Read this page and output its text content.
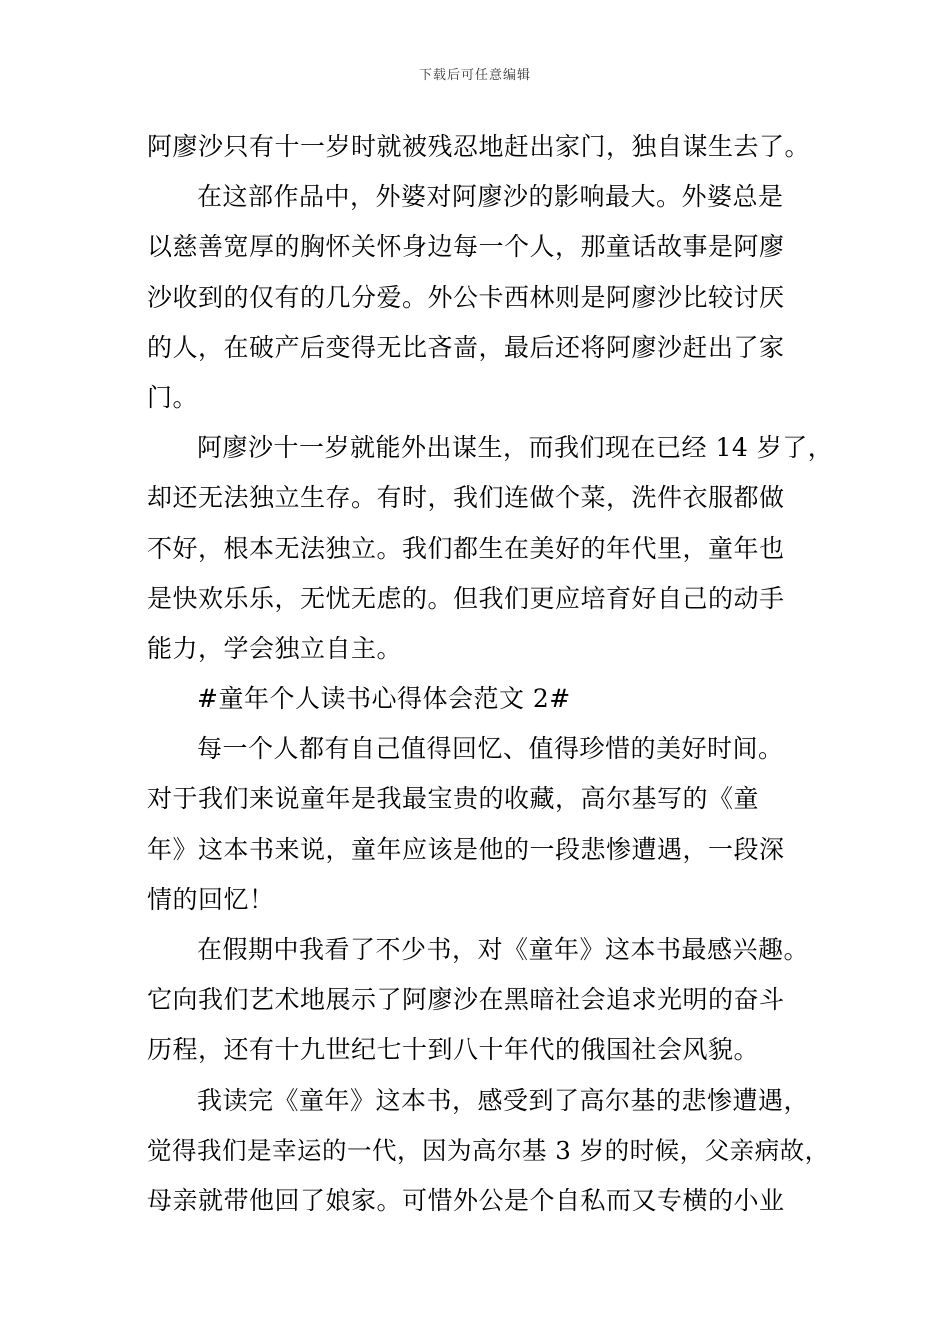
下载后可任意编辑
阿廖沙只有十一岁时就被残忍地赶出家门，独自谋生去了。
在这部作品中，外婆对阿廖沙的影响最大。外婆总是
以慈善宽厚的胸怀关怀身边每一个人，那童话故事是阿廖
沙收到的仅有的几分爱。外公卡西林则是阿廖沙比较讨厌
的人，在破产后变得无比吝啬，最后还将阿廖沙赶出了家
门。
阿廖沙十一岁就能外出谋生，而我们现在已经 14 岁了，
却还无法独立生存。有时，我们连做个菜，洗件衣服都做
不好，根本无法独立。我们都生在美好的年代里，童年也
是快欢乐乐，无忧无虑的。但我们更应培育好自己的动手
能力，学会独立自主。
#童年个人读书心得体会范文 2#
每一个人都有自己值得回忆、值得珍惜的美好时间。
对于我们来说童年是我最宝贵的收藏，高尔基写的《童
年》这本书来说，童年应该是他的一段悲惨遭遇，一段深
情的回忆！
在假期中我看了不少书，对《童年》这本书最感兴趣。
它向我们艺术地展示了阿廖沙在黑暗社会追求光明的奋斗
历程，还有十九世纪七十到八十年代的俄国社会风貌。
我读完《童年》这本书，感受到了高尔基的悲惨遭遇，
觉得我们是幸运的一代，因为高尔基 3 岁的时候，父亲病故，
母亲就带他回了娘家。可惜外公是个自私而又专横的小业
